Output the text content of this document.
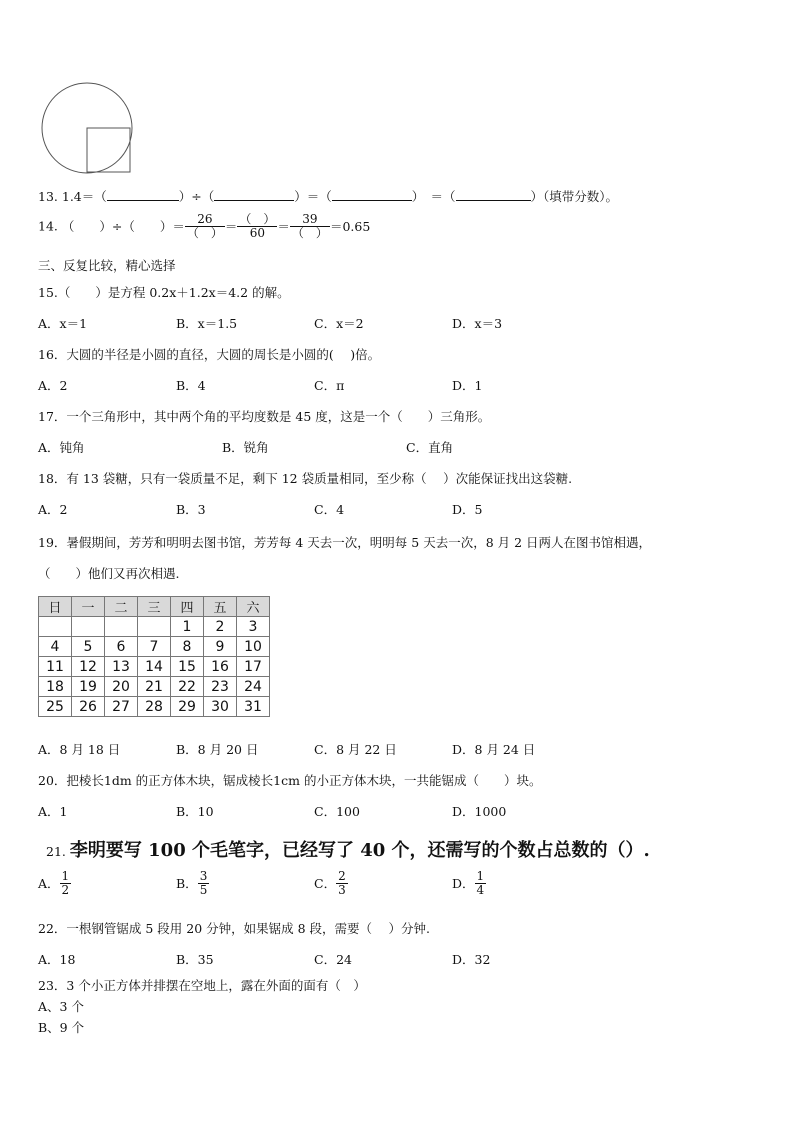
13. 1.4＝（	）÷（	）＝（	）　＝（	）（填带分数）。
14. （　　）÷（　　）＝ $\frac{26}{( )} = \frac{( )}{60} = \frac{39}{( )} =0.65$
三、反复比较，精心选择
15.（　　）是方程 0.2x＋1.2x＝4.2 的解。
A．x＝1	B．x＝1.5	C．x＝2	D．x＝3
16．大圆的半径是小圆的直径，大圆的周长是小圆的(　 )倍。
A．2	B．4	C．π	D．1
17．一个三角形中，其中两个角的平均度数是 45 度，这是一个（　　）三角形。
A．钝角	B．锐角	C．直角
18．有 13 袋糖，只有一袋质量不足，剩下 12 袋质量相同，至少称（　 ）次能保证找出这袋糖.
A．2	B．3	C．4	D．5
19．暑假期间，芳芳和明明去图书馆，芳芳每 4 天去一次，明明每 5 天去一次，8 月 2 日两人在图书馆相遇，
（　　）他们又再次相遇.
日	一	二	三	四	五	六
				1	2	3
4	5	6	7	8	9	10
11	12	13	14	15	16	17
18	19	20	21	22	23	24
25	26	27	28	29	30	31
A．8 月 18 日	B．8 月 20 日	C．8 月 22 日	D．8 月 24 日
20．把棱长1dm 的正方体木块，锯成棱长1cm 的小正方体木块，一共能锯成（　　）块。
A．1	B．10	C．100	D．1000
21. 李明要写 100 个毛笔字，已经写了 40 个，还需写的个数占总数的（）.
A． $\frac{1}{2}$	B． $\frac{3}{5}$	C． $\frac{2}{3}$	D． $\frac{1}{4}$
22．一根钢管锯成 5 段用 20 分钟，如果锯成 8 段，需要（　 ）分钟.
A．18	B．35	C．24	D．32
23．3 个小正方体并排摆在空地上，露在外面的面有（　）
A、3 个
B、9 个
